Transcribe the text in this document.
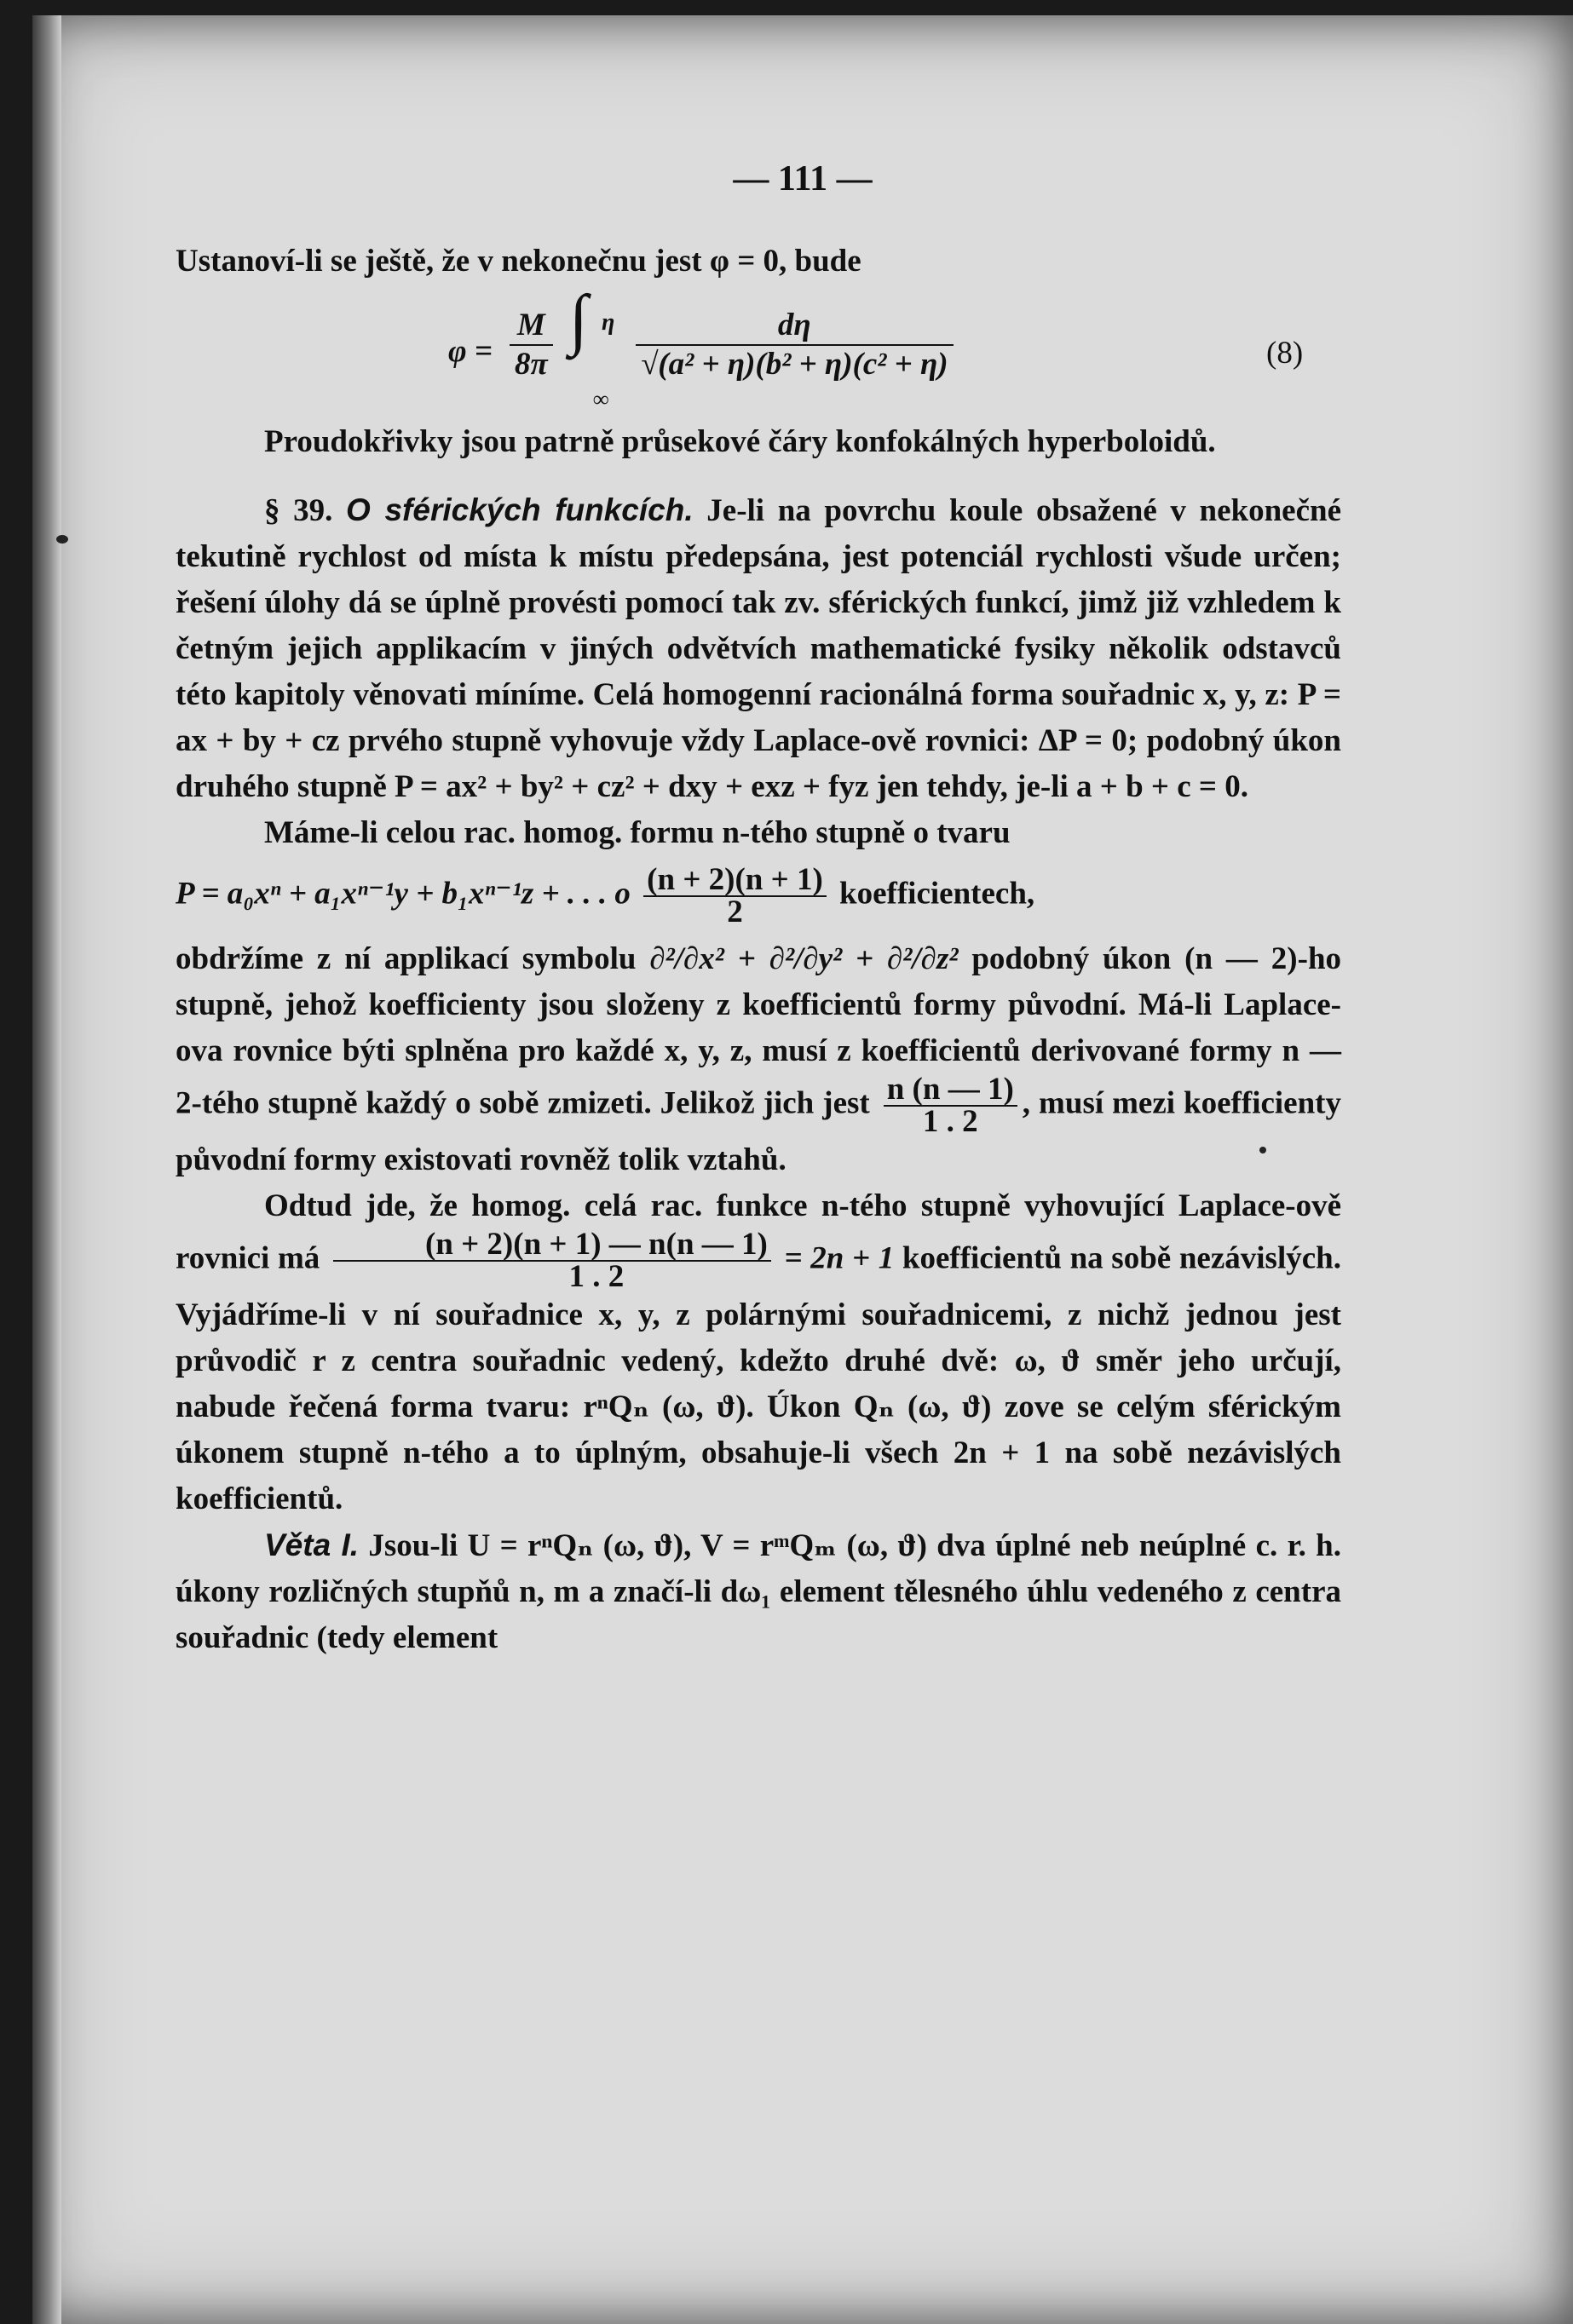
— 111 —

Ustanoví-li se ještě, že v nekonečnu jest φ = 0, bude

$\varphi = \frac{M}{8\pi}$ ∫ η
∞
$\frac{d\eta}{\text{√(a² + η)(b² + η)(c² + η)}}$	(8)

Proudokřivky jsou patrně průsekové čáry konfokálných hyperboloidů.

§ 39. O sférických funkcích. Je-li na povrchu koule obsažené v nekonečné tekutině rychlost od místa k místu předepsána, jest potenciál rychlosti všude určen; řešení úlohy dá se úplně provésti pomocí tak zv. sférických funkcí, jimž již vzhledem k četným jejich applikacím v jiných odvětvích mathematické fysiky několik odstavců této kapitoly věnovati míníme. Celá homogenní racionálná forma souřadnic x, y, z: P = ax + by + cz prvého stupně vyhovuje vždy Laplace-ově rovnici: ΔP = 0; podobný úkon druhého stupně P = ax² + by² + cz² + dxy + exz + fyz jen tehdy, je-li a + b + c = 0.

Máme-li celou rac. homog. formu n-tého stupně o tvaru

P = a₀xⁿ + a₁xⁿ⁻¹y + b₁xⁿ⁻¹z + . . . o $\frac{(n + 2)(n + 1)}{2}$ koefficientech,

obdržíme z ní applikací symbolu ∂²/∂x² + ∂²/∂y² + ∂²/∂z² podobný úkon (n — 2)-ho stupně, jehož koefficienty jsou složeny z koefficientů formy původní. Má-li Laplace-ova rovnice býti splněna pro každé x, y, z, musí z koefficientů derivované formy n — 2-tého stupně každý o sobě zmizeti. Jelikož jich jest $\frac{n (n — 1)}{1 . 2}$ , musí mezi koefficienty původní formy existovati rovněž tolik vztahů.

Odtud jde, že homog. celá rac. funkce n-tého stupně vyhovující Laplace-ově rovnici má $\frac{(n + 2)(n + 1) — n(n — 1)}{1 . 2} = 2n + 1$ koefficientů na sobě nezávislých. Vyjádříme-li v ní souřadnice x, y, z polárnými souřadnicemi, z nichž jednou jest průvodič r z centra souřadnic vedený, kdežto druhé dvě: ω, ϑ směr jeho určují, nabude řečená forma tvaru: rⁿQₙ (ω, ϑ). Úkon Qₙ (ω, ϑ) zove se celým sférickým úkonem stupně n-tého a to úplným, obsahuje-li všech 2n + 1 na sobě nezávislých koefficientů.

Věta I. Jsou-li U = rⁿQₙ (ω, ϑ), V = rᵐQₘ (ω, ϑ) dva úplné neb neúplné c. r. h. úkony rozličných stupňů n, m a značí-li dω₁ element tělesného úhlu vedeného z centra souřadnic (tedy element
